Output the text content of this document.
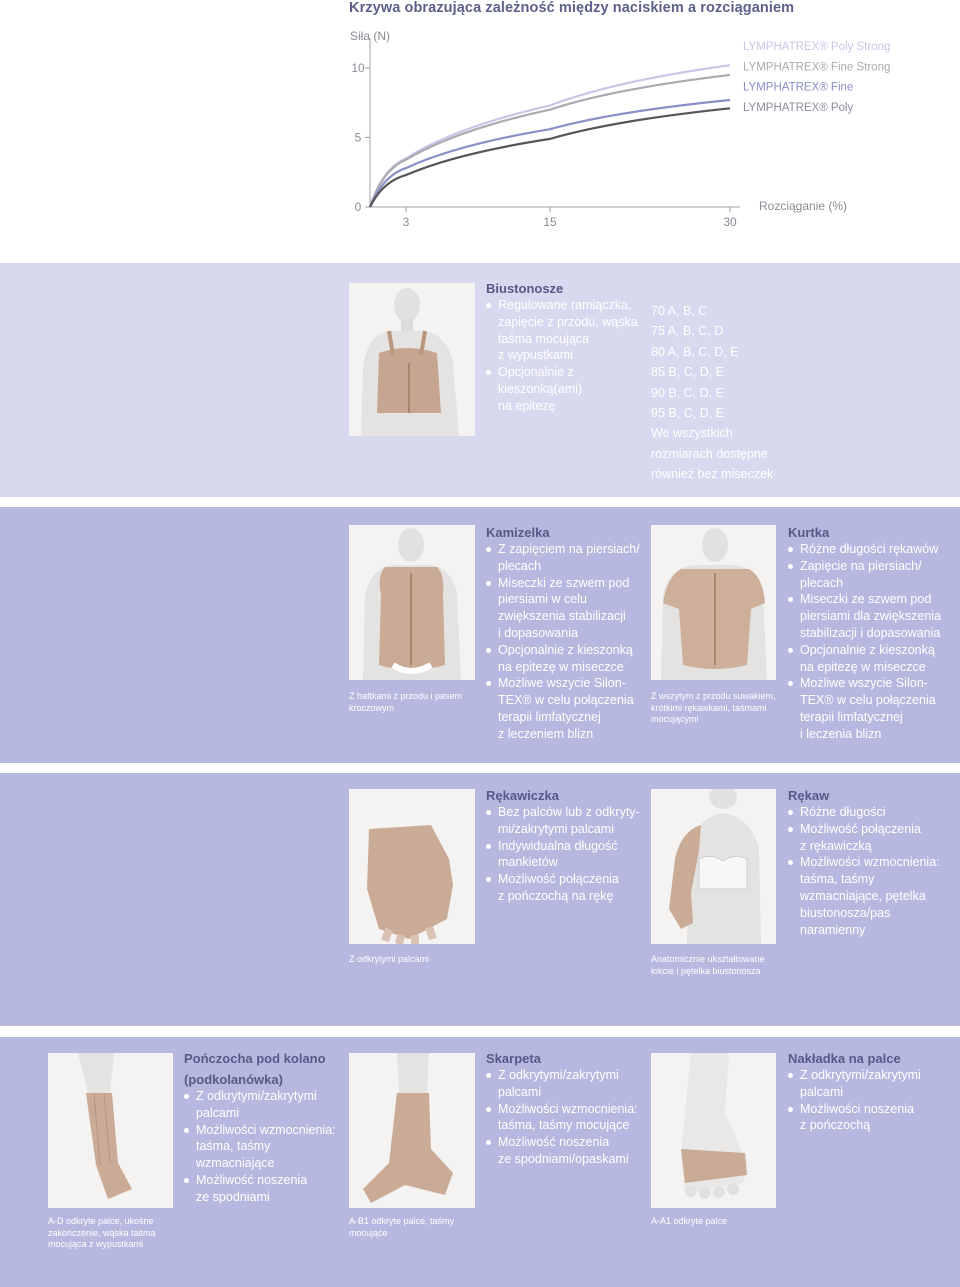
Krzywa obrazująca zależność między naciskiem a rozciąganiem
Siła (N)
Rozciąganie (%)
0
5
10
3	15	30
LYMPHATREX® Poly Strong
LYMPHATREX® Fine Strong
LYMPHATREX® Fine
LYMPHATREX® Poly
Biustonosze
Regulowane ramiączka,
zapięcie z przodu, wąska
taśma mocująca
z wypustkami
Opcjonalnie z
kieszonką(ami)
na epitezę
70 A, B, C
75 A, B, C, D
80 A, B, C, D, E
85 B, C, D, E
90 B, C, D, E
95 B, C, D, E
We wszystkich
rozmiarach dostępne
również bez miseczek
Z haftkami z przodu i pasem kroczowym
Kamizelka
Z zapięciem na piersiach/
plecach
Miseczki ze szwem pod
piersiami w celu
zwiększenia stabilizacji
i dopasowania
Opcjonalnie z kieszonką
na epitezę w miseczce
Możliwe wszycie Silon-
TEX® w celu połączenia
terapii limfatycznej
z leczeniem blizn
Z wszytym z przodu suwakiem, krótkimi rękawkami, taśmami mocującymi
Kurtka
Różne długości rękawów
Zapięcie na piersiach/
plecach
Miseczki ze szwem pod
piersiami dla zwiększenia
stabilizacji i dopasowania
Opcjonalnie z kieszonką
na epitezę w miseczce
Możliwe wszycie Silon-
TEX® w celu połączenia
terapii limfatycznej
i leczenia blizn
Z odkrytymi palcami
Rękawiczka
Bez palców lub z odkryty-
mi/zakrytymi palcami
Indywidualna długość
mankietów
Możliwość połączenia
z pończochą na rękę
Anatomicznie ukształtowane łokcie i pętelka biustonosza
Rękaw
Różne długości
Możliwość połączenia
z rękawiczką
Możliwości wzmocnienia:
taśma, taśmy
wzmacniające, pętelka
biustonosza/pas
naramienny
A-D odkryte palce, ukośne zakończenie, wąska taśma mocująca z wypustkami
Pończocha pod kolano
(podkolanówka)
Z odkrytymi/zakrytymi
palcami
Możliwości wzmocnienia:
taśma, taśmy
wzmacniające
Możliwość noszenia
ze spodniami
A-B1 odkryte palce, taśmy mocujące
Skarpeta
Z odkrytymi/zakrytymi
palcami
Możliwości wzmocnienia:
taśma, taśmy mocujące
Możliwość noszenia
ze spodniami/opaskami
A-A1 odkryte palce
Nakładka na palce
Z odkrytymi/zakrytymi
palcami
Możliwości noszenia
z pończochą
